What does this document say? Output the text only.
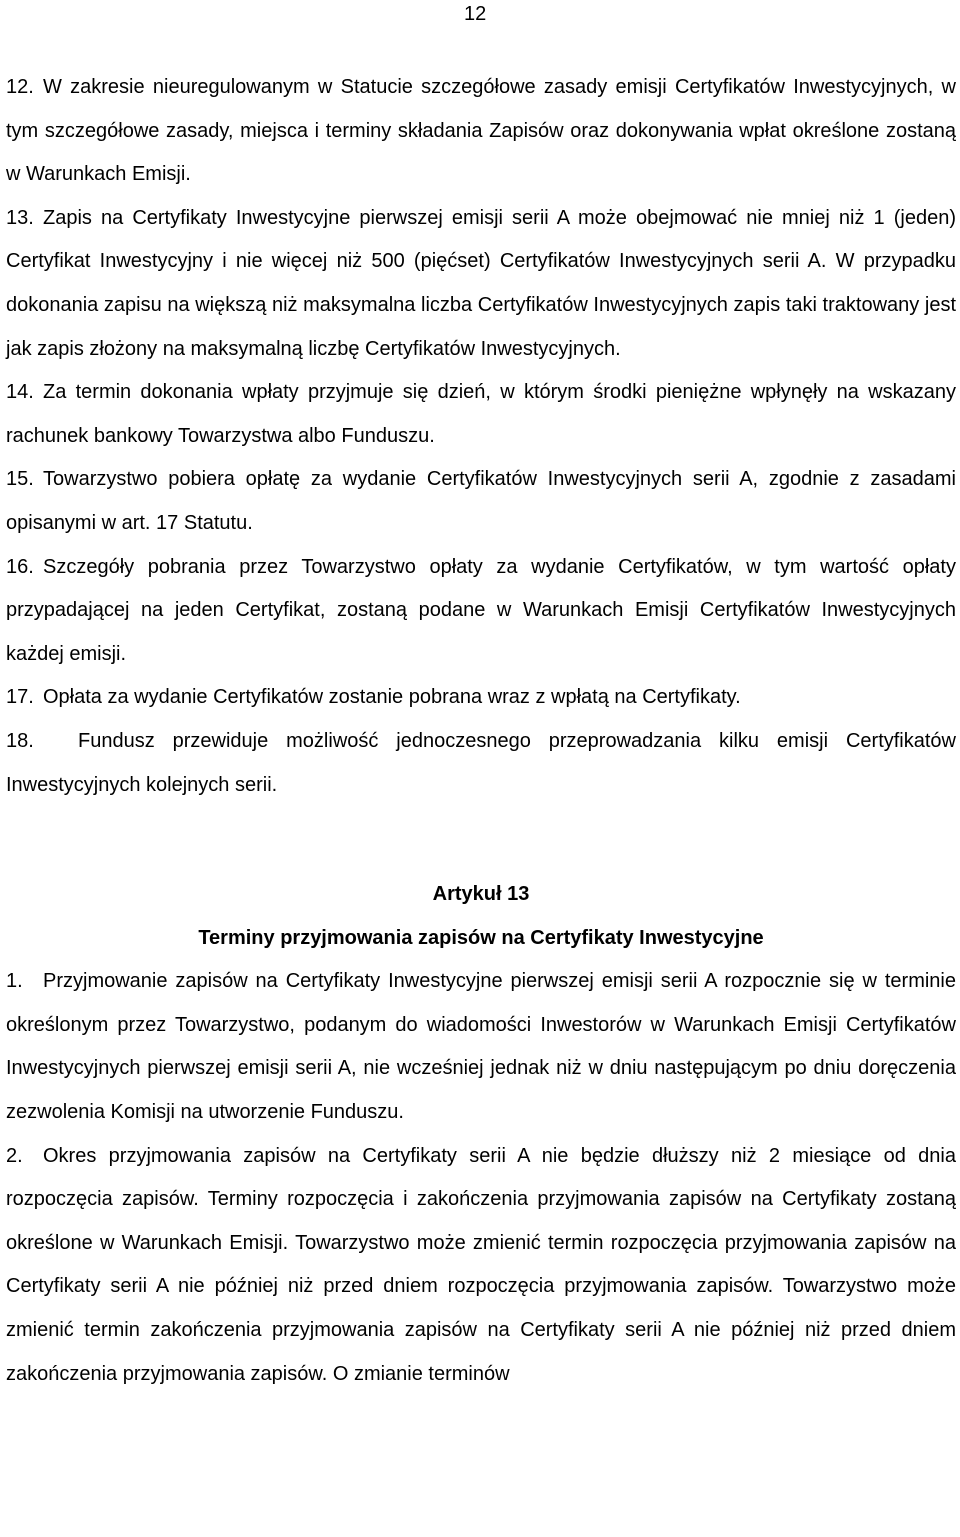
12

12. W zakresie nieuregulowanym w Statucie szczegółowe zasady emisji Certyfikatów Inwestycyjnych, w tym szczegółowe zasady, miejsca i terminy składania Zapisów oraz dokonywania wpłat określone zostaną w Warunkach Emisji.

13. Zapis na Certyfikaty Inwestycyjne pierwszej emisji serii A może obejmować nie mniej niż 1 (jeden) Certyfikat Inwestycyjny i nie więcej niż 500 (pięćset) Certyfikatów Inwestycyjnych serii A. W przypadku dokonania zapisu na większą niż maksymalna liczba Certyfikatów Inwestycyjnych zapis taki traktowany jest jak zapis złożony na maksymalną liczbę Certyfikatów Inwestycyjnych.

14. Za termin dokonania wpłaty przyjmuje się dzień, w którym środki pieniężne wpłynęły na wskazany rachunek bankowy Towarzystwa albo Funduszu.

15. Towarzystwo pobiera opłatę za wydanie Certyfikatów Inwestycyjnych serii A, zgodnie z zasadami opisanymi w art. 17 Statutu.

16. Szczegóły pobrania przez Towarzystwo opłaty za wydanie Certyfikatów, w tym wartość opłaty przypadającej na jeden Certyfikat, zostaną podane w Warunkach Emisji Certyfikatów Inwestycyjnych każdej emisji.

17. Opłata za wydanie Certyfikatów zostanie pobrana wraz z wpłatą na Certyfikaty.

18. Fundusz przewiduje możliwość jednoczesnego przeprowadzania kilku emisji Certyfikatów Inwestycyjnych kolejnych serii.

Artykuł 13

Terminy przyjmowania zapisów na Certyfikaty Inwestycyjne

1. Przyjmowanie zapisów na Certyfikaty Inwestycyjne pierwszej emisji serii A rozpocznie się w terminie określonym przez Towarzystwo, podanym do wiadomości Inwestorów w Warunkach Emisji Certyfikatów Inwestycyjnych pierwszej emisji serii A, nie wcześniej jednak niż w dniu następującym po dniu doręczenia zezwolenia Komisji na utworzenie Funduszu.

2. Okres przyjmowania zapisów na Certyfikaty serii A nie będzie dłuższy niż 2 miesiące od dnia rozpoczęcia zapisów. Terminy rozpoczęcia i zakończenia przyjmowania zapisów na Certyfikaty zostaną określone w Warunkach Emisji. Towarzystwo może zmienić termin rozpoczęcia przyjmowania zapisów na Certyfikaty serii A nie później niż przed dniem rozpoczęcia przyjmowania zapisów. Towarzystwo może zmienić termin zakończenia przyjmowania zapisów na Certyfikaty serii A nie później niż przed dniem zakończenia przyjmowania zapisów. O zmianie terminów
